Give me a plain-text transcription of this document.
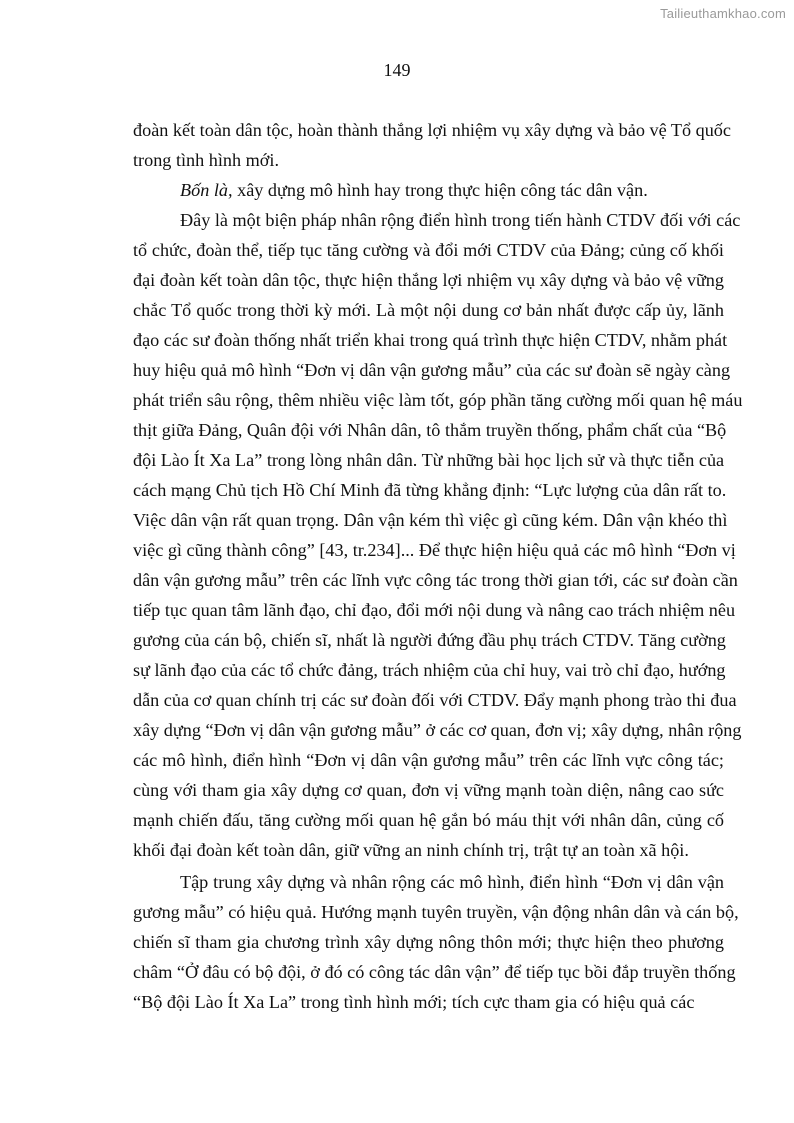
Tailieuthamkhao.com
149
đoàn kết toàn dân tộc, hoàn thành thắng lợi nhiệm vụ xây dựng và bảo vệ Tổ quốc
trong tình hình mới.
Bốn là, xây dựng mô hình hay trong thực hiện công tác dân vận.
Đây là một biện pháp nhân rộng điển hình trong tiến hành CTDV đối với các
tổ chức, đoàn thể, tiếp tục tăng cường và đổi mới CTDV của Đảng; củng cố khối
đại đoàn kết toàn dân tộc, thực hiện thắng lợi nhiệm vụ xây dựng và bảo vệ vững
chắc Tổ quốc trong thời kỳ mới. Là một nội dung cơ bản nhất được cấp ủy, lãnh
đạo các sư đoàn thống nhất triển khai trong quá trình thực hiện CTDV, nhằm phát
huy hiệu quả mô hình “Đơn vị dân vận gương mẫu” của các sư đoàn sẽ ngày càng
phát triển sâu rộng, thêm nhiều việc làm tốt, góp phần tăng cường mối quan hệ máu
thịt giữa Đảng, Quân đội với Nhân dân, tô thắm truyền thống, phẩm chất của “Bộ
đội Lào Ít Xa La” trong lòng nhân dân. Từ những bài học lịch sử và thực tiễn của
cách mạng Chủ tịch Hồ Chí Minh đã từng khẳng định: “Lực lượng của dân rất to.
Việc dân vận rất quan trọng. Dân vận kém thì việc gì cũng kém. Dân vận khéo thì
việc gì cũng thành công” [43, tr.234]... Để thực hiện hiệu quả các mô hình “Đơn vị
dân vận gương mẫu” trên các lĩnh vực công tác trong thời gian tới, các sư đoàn cần
tiếp tục quan tâm lãnh đạo, chỉ đạo, đổi mới nội dung và nâng cao trách nhiệm nêu
gương của cán bộ, chiến sĩ, nhất là người đứng đầu phụ trách CTDV. Tăng cường
sự lãnh đạo của các tổ chức đảng, trách nhiệm của chỉ huy, vai trò chỉ đạo, hướng
dẫn của cơ quan chính trị các sư đoàn đối với CTDV. Đẩy mạnh phong trào thi đua
xây dựng “Đơn vị dân vận gương mẫu” ở các cơ quan, đơn vị; xây dựng, nhân rộng
các mô hình, điển hình “Đơn vị dân vận gương mẫu” trên các lĩnh vực công tác;
cùng với tham gia xây dựng cơ quan, đơn vị vững mạnh toàn diện, nâng cao sức
mạnh chiến đấu, tăng cường mối quan hệ gắn bó máu thịt với nhân dân, củng cố
khối đại đoàn kết toàn dân, giữ vững an ninh chính trị, trật tự an toàn xã hội.
Tập trung xây dựng và nhân rộng các mô hình, điển hình “Đơn vị dân vận
gương mẫu” có hiệu quả. Hướng mạnh tuyên truyền, vận động nhân dân và cán bộ,
chiến sĩ tham gia chương trình xây dựng nông thôn mới; thực hiện theo phương
châm “Ở đâu có bộ đội, ở đó có công tác dân vận” để tiếp tục bồi đắp truyền thống
“Bộ đội Lào Ít Xa La” trong tình hình mới; tích cực tham gia có hiệu quả các
